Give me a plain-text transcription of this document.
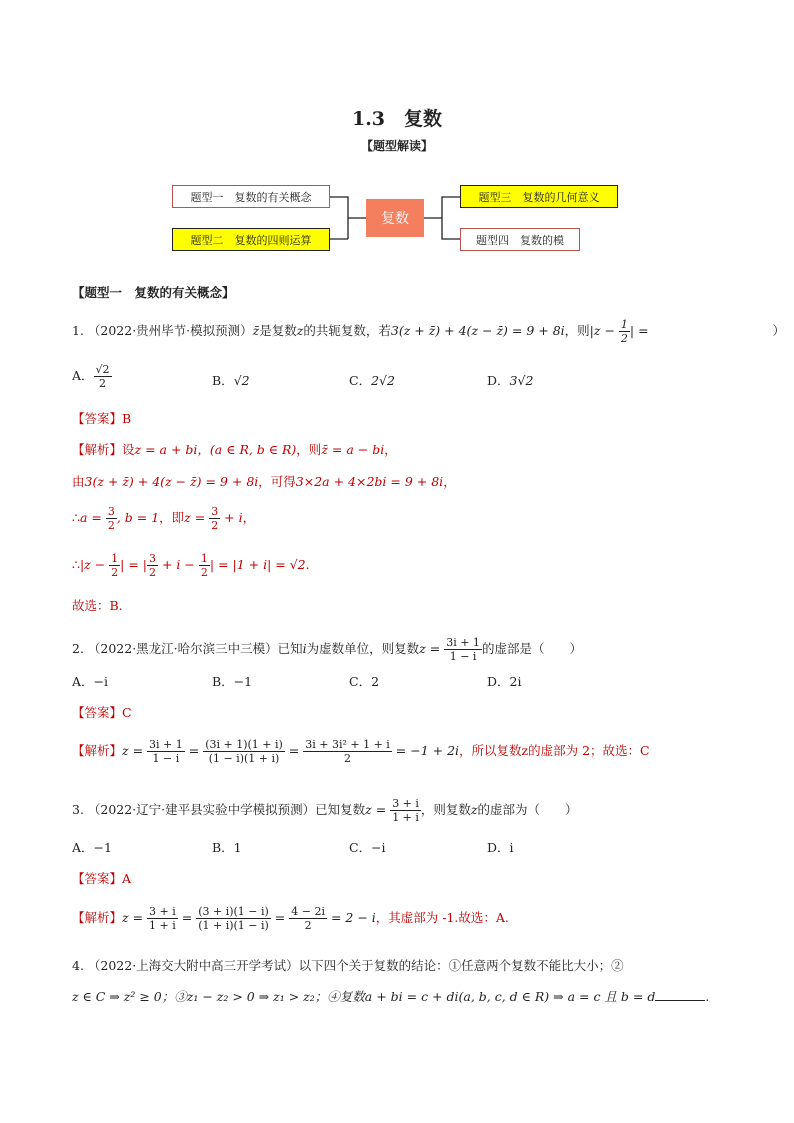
1.3　复数
【题型解读】
题型一　复数的有关概念
题型二　复数的四则运算
复数
题型三　复数的几何意义
题型四　复数的模
【题型一　复数的有关概念】
1. （2022·贵州毕节·模拟预测）z̄是复数z的共轭复数，若3(z + z̄) + 4(z − z̄) = 9 + 8i，则$|z - \frac{1}{2}$ | =	）
A． $\frac{√2}{2}$	B．√2	C．2√2	D．3√2
【答案】B
【解析】设z = a + bi，(a ∈ R, b ∈ R)，则z̄ = a − bi，
由3(z + z̄) + 4(z − z̄) = 9 + 8i，可得3×2a + 4×2bi = 9 + 8i，
∴a = $\frac{3}{2}$ , b = 1，即$z = \frac{3}{2} + i$，
∴|z − $\frac{1}{2}$ | = | $\frac{3}{2} + i - \frac{1}{2}$ | = |1 + i| = √2.
故选：B.
2. （2022·黑龙江·哈尔滨三中三模）已知i为虚数单位，则复数$z = \frac{3i + 1}{1 - i}$ 的虚部是（　　）
A．−i	B．−1	C．2	D．2i
【答案】C
【解析】$z = \frac{3i + 1}{1 - i} = \frac{(3i + 1)(1 + i)}{(1 - i)(1 + i)} = \frac{\text{3i + 3i² + 1 + i}}{2} = -1 + 2i$，所以复数z的虚部为 2；故选：C
3. （2022·辽宁·建平县实验中学模拟预测）已知复数$z = \frac{3 + i}{1 + i}$ ，则复数z的虚部为（　　）
A．−1	B．1	C．−i	D．i
【答案】A
【解析】$z = \frac{3 + i}{1 + i} = \frac{(3 + i)(1 - i)}{(1 + i)(1 - i)} = \frac{4 - 2i}{2} = 2 - i$，其虚部为 -1.故选：A.
4. （2022·上海交大附中高三开学考试）以下四个关于复数的结论：①任意两个复数不能比大小；②
z ∈ C ⇒ z² ≥ 0；③z₁ − z₂ > 0 ⇒ z₁ > z₂；④复数a + bi = c + di(a, b, c, d ∈ R) ⇒ a = c 且 b = d	.
